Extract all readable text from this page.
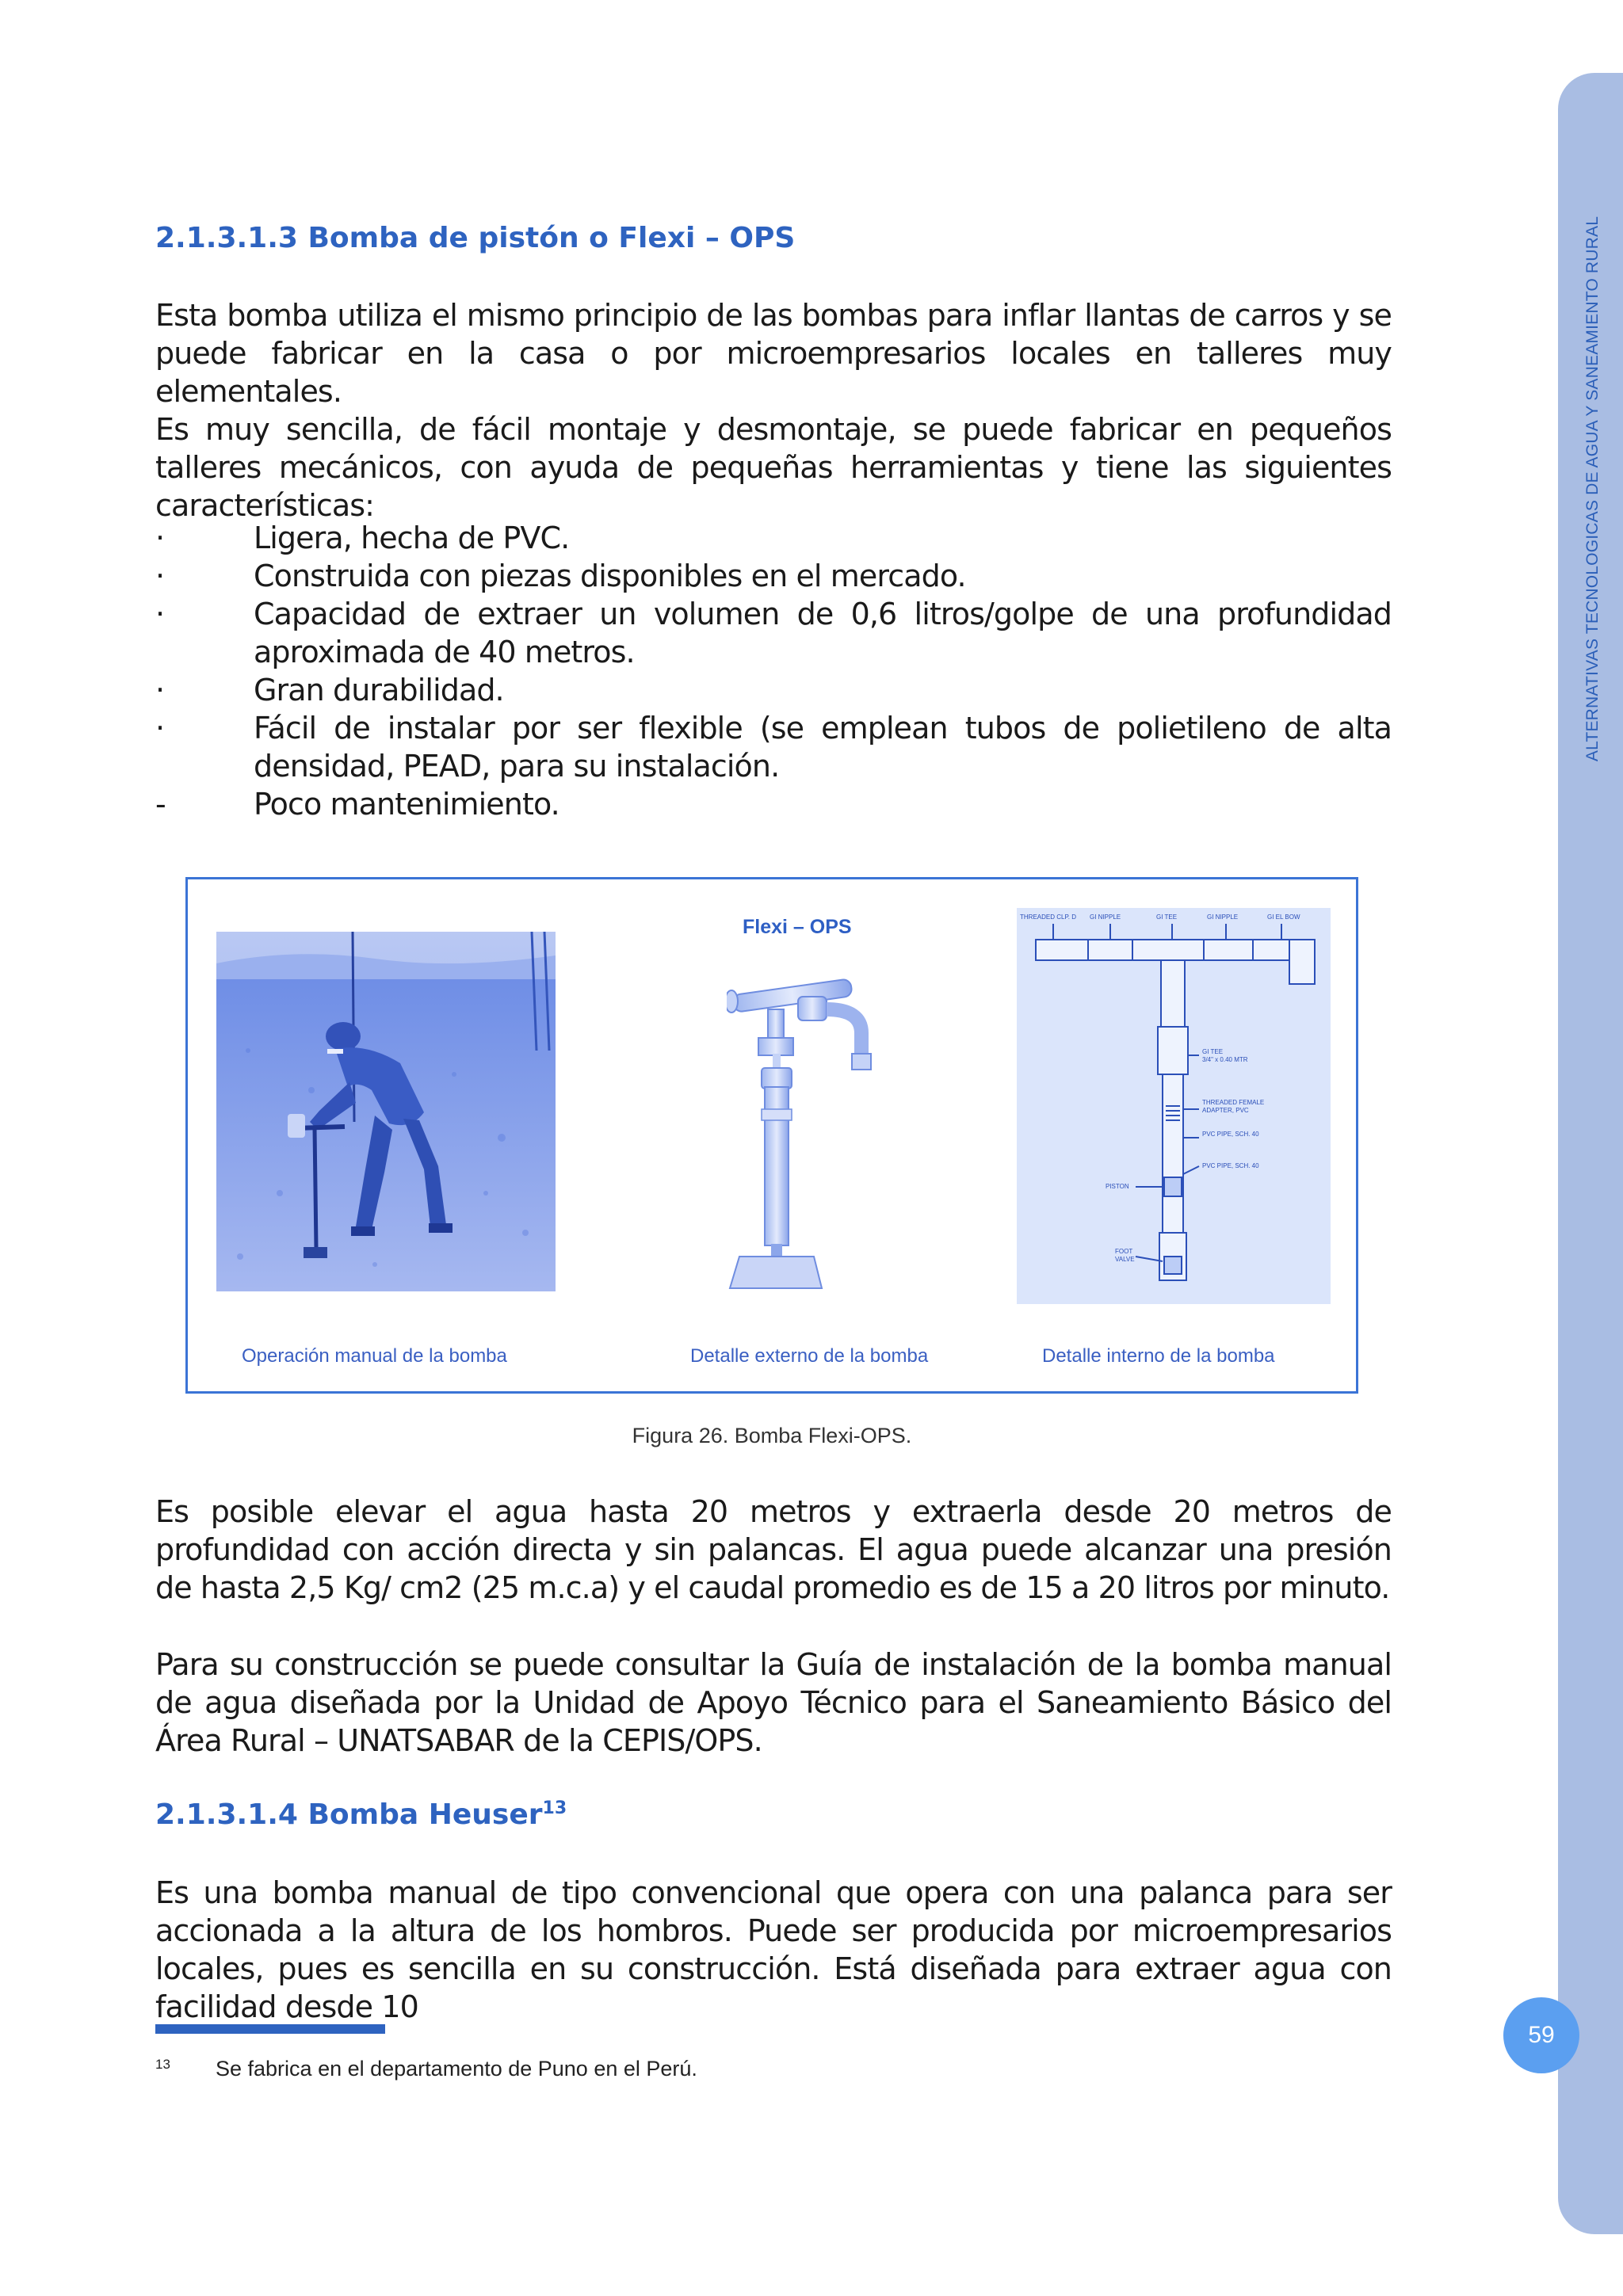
ALTERNATIVAS TECNOLOGICAS DE AGUA Y SANEAMIENTO RURAL
59
2.1.3.1.3 Bomba de pistón o Flexi – OPS

Esta bomba utiliza el mismo principio de las bombas para inflar llantas de carros y se puede fabricar en la casa o por microempresarios locales en talleres muy elementales.

Es muy sencilla, de fácil montaje y desmontaje, se puede fabricar en pequeños talleres mecánicos, con ayuda de pequeñas herramientas y tiene las siguientes características:

·	Ligera, hecha de PVC.
·	Construida con piezas disponibles en el mercado.
·	Capacidad de extraer un volumen de 0,6 litros/golpe de una profundidad aproximada de 40 metros.
·	Gran durabilidad.
·	Fácil de instalar por ser flexible (se emplean tubos de polietileno de alta densidad, PEAD, para su instalación.
-	Poco mantenimiento.
Flexi – OPS	THREADED CLP. D GI NIPPLE	GI TEE	GI NIPPLE	GI EL BOW
GI TEE
3/4" x 0.40 MTR
THREADED FEMALE
ADAPTER, PVC
PVC PIPE, SCH. 40
PVC PIPE, SCH. 40
PISTON
FOOT
VALVE
Operación manual de la bomba	Detalle externo de la bomba	Detalle interno de la bomba
Figura 26. Bomba Flexi-OPS.

Es posible elevar el agua hasta 20 metros y extraerla desde 20 metros de profundidad con acción directa y sin palancas. El agua puede alcanzar una presión de hasta 2,5 Kg/ cm2 (25 m.c.a) y el caudal promedio es de 15 a 20 litros por minuto.

Para su construcción se puede consultar la Guía de instalación de la bomba manual de agua diseñada por la Unidad de Apoyo Técnico para el Saneamiento Básico del Área Rural – UNATSABAR de la CEPIS/OPS.

2.1.3.1.4 Bomba Heuser$^{13}$

Es una bomba manual de tipo convencional que opera con una palanca para ser accionada a la altura de los hombros. Puede ser producida por microempresarios locales, pues es sencilla en su construcción. Está diseñada para extraer agua con facilidad desde 10

13 Se fabrica en el departamento de Puno en el Perú.
